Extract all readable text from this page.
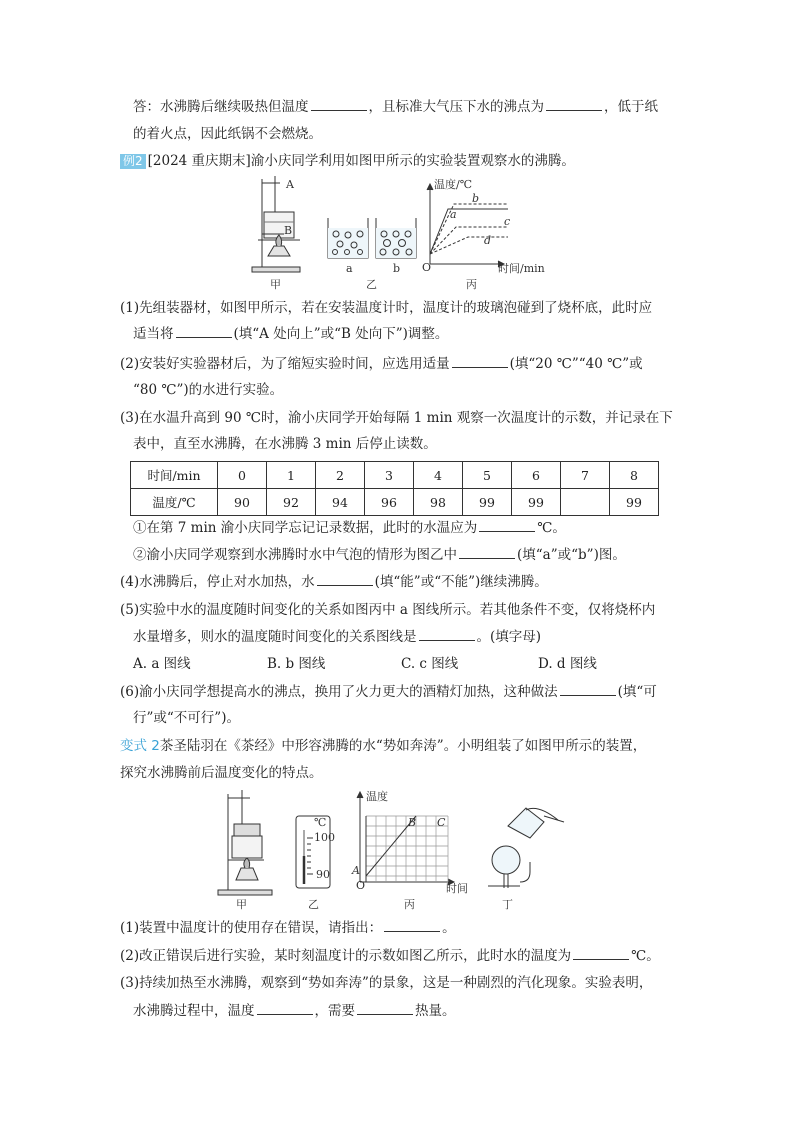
答：水沸腾后继续吸热但温度	，且标准大气压下水的沸点为	，低于纸
的着火点，因此纸锅不会燃烧。
例2 [2024 重庆期末]渝小庆同学利用如图甲所示的实验装置观察水的沸腾。
A
B
甲
a	b
乙
温度/℃
时间/min
O
a
b
c
d
丙
(1)先组装器材，如图甲所示，若在安装温度计时，温度计的玻璃泡碰到了烧杯底，此时应
适当将	(填“A 处向上”或“B 处向下”)调整。
(2)安装好实验器材后，为了缩短实验时间，应选用适量	(填“20 ℃”“40 ℃”或
“80 ℃”)的水进行实验。
(3)在水温升高到 90 ℃时，渝小庆同学开始每隔 1 min 观察一次温度计的示数，并记录在下
表中，直至水沸腾，在水沸腾 3 min 后停止读数。
时间/min	0	1	2	3	4	5	6	7	8
温度/℃	90	92	94	96	98	99	99		99
①在第 7 min 渝小庆同学忘记记录数据，此时的水温应为	℃。
②渝小庆同学观察到水沸腾时水中气泡的情形为图乙中	(填“a”或“b”)图。
(4)水沸腾后，停止对水加热，水	(填“能”或“不能”)继续沸腾。
(5)实验中水的温度随时间变化的关系如图丙中 a 图线所示。若其他条件不变，仅将烧杯内
水量增多，则水的温度随时间变化的关系图线是	。(填字母)
A. a 图线	B. b 图线	C. c 图线	D. d 图线
(6)渝小庆同学想提高水的沸点，换用了火力更大的酒精灯加热，这种做法	(填“可
行”或“不可行”)。
变式 2茶圣陆羽在《茶经》中形容沸腾的水“势如奔涛”。小明组装了如图甲所示的装置，
探究水沸腾前后温度变化的特点。
甲
℃
100
90
乙
温度
时间
O
A
B C
丙	丁
(1)装置中温度计的使用存在错误，请指出：	。
(2)改正错误后进行实验，某时刻温度计的示数如图乙所示，此时水的温度为	℃。
(3)持续加热至水沸腾，观察到“势如奔涛”的景象，这是一种剧烈的汽化现象。实验表明，
水沸腾过程中，温度	，需要	热量。
